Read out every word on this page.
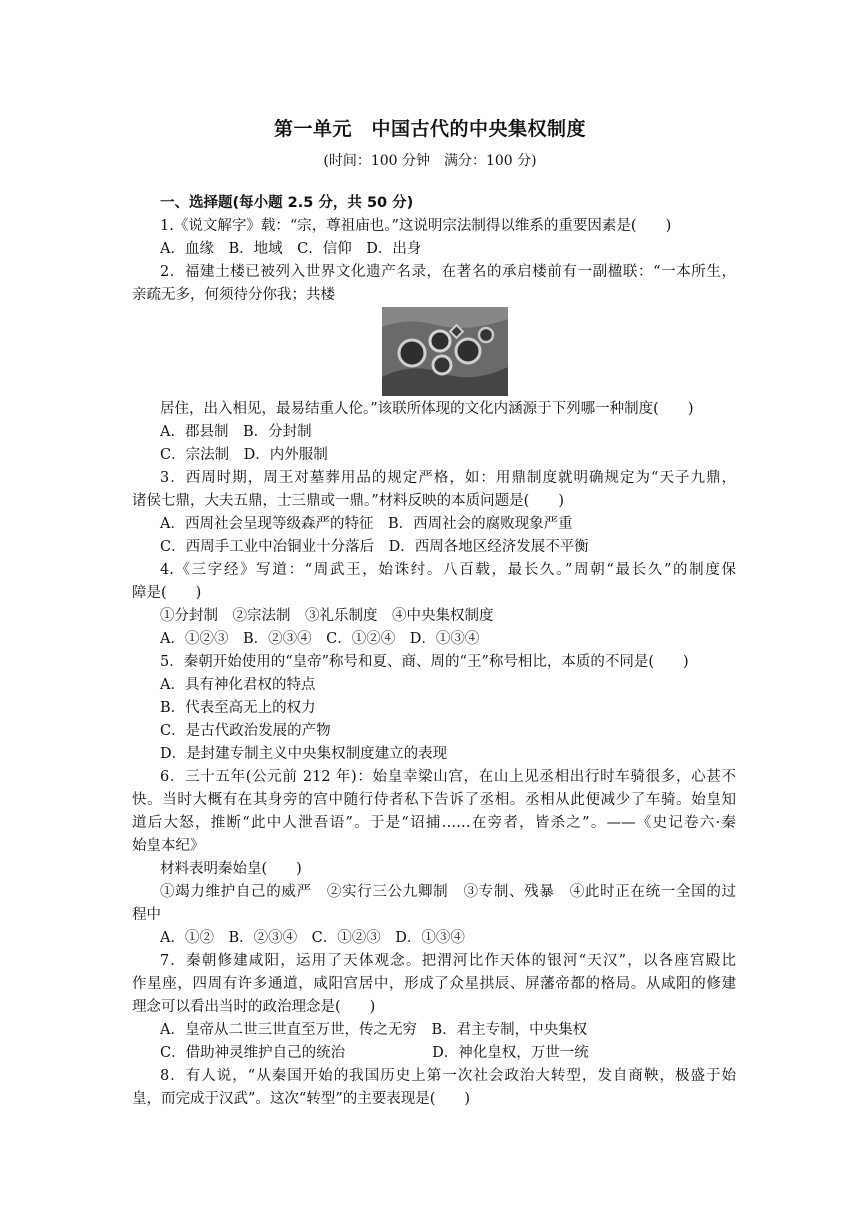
第一单元　中国古代的中央集权制度
(时间：100 分钟　满分：100 分)
一、选择题(每小题 2.5 分，共 50 分)
1.《说文解字》载：“宗，尊祖庙也。”这说明宗法制得以维系的重要因素是(　　)
A．血缘　B．地域　C．信仰　D．出身
2．福建土楼已被列入世界文化遗产名录，在著名的承启楼前有一副楹联：“一本所生，
亲疏无多，何须待分你我；共楼
居住，出入相见，最易结重人伦。”该联所体现的文化内涵源于下列哪一种制度(　　)
A．郡县制　B．分封制
C．宗法制　D．内外服制
3．西周时期，周王对墓葬用品的规定严格，如：用鼎制度就明确规定为“天子九鼎，
诸侯七鼎，大夫五鼎，士三鼎或一鼎。”材料反映的本质问题是(　　)
A．西周社会呈现等级森严的特征　B．西周社会的腐败现象严重
C．西周手工业中冶铜业十分落后　D．西周各地区经济发展不平衡
4.《三字经》写道：“周武王，始诛纣。八百载，最长久。”周朝“最长久”的制度保
障是(　　)
①分封制　②宗法制　③礼乐制度　④中央集权制度
A．①②③　B．②③④　C．①②④　D．①③④
5．秦朝开始使用的“皇帝”称号和夏、商、周的“王”称号相比，本质的不同是(　　)
A．具有神化君权的特点
B．代表至高无上的权力
C．是古代政治发展的产物
D．是封建专制主义中央集权制度建立的表现
6．三十五年(公元前 212 年)：始皇幸梁山宫，在山上见丞相出行时车骑很多，心甚不
快。当时大概有在其身旁的宫中随行侍者私下告诉了丞相。丞相从此便减少了车骑。始皇知
道后大怒，推断“此中人泄吾语”。于是“诏捕……在旁者，皆杀之”。——《史记卷六·秦
始皇本纪》
材料表明秦始皇(　　)
①竭力维护自己的威严　②实行三公九卿制　③专制、残暴　④此时正在统一全国的过
程中
A．①②　B．②③④　C．①②③　D．①③④
7．秦朝修建咸阳，运用了天体观念。把渭河比作天体的银河“天汉”，以各座宫殿比
作星座，四周有许多通道，咸阳宫居中，形成了众星拱辰、屏藩帝都的格局。从咸阳的修建
理念可以看出当时的政治理念是(　　)
A．皇帝从二世三世直至万世，传之无穷　B．君主专制，中央集权
C．借助神灵维护自己的统治　　　　　　D．神化皇权，万世一统
8．有人说，“从秦国开始的我国历史上第一次社会政治大转型，发自商鞅，极盛于始
皇，而完成于汉武”。这次“转型”的主要表现是(　　)
